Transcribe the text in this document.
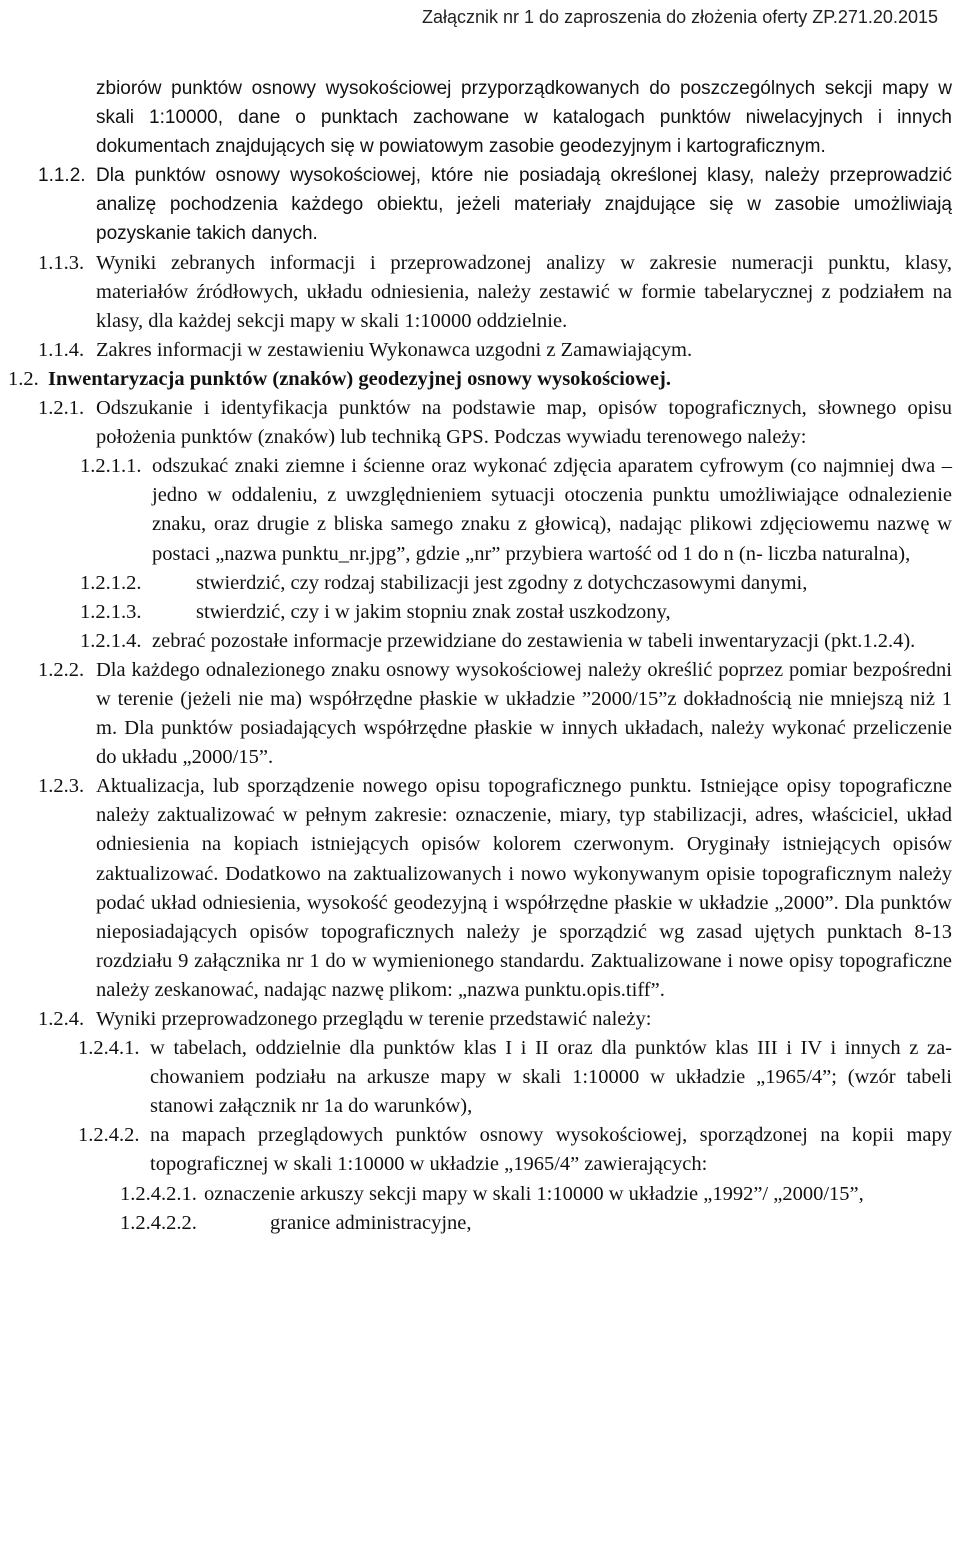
Załącznik nr 1 do zaproszenia do złożenia oferty ZP.271.20.2015
zbiorów punktów osnowy wysokościowej przyporządkowanych do poszczególnych sekcji mapy w skali 1:10000, dane o punktach zachowane w katalogach punktów niwelacyjnych i innych dokumentach znajdujących się w powiatowym zasobie geodezyjnym i kartograficznym.
1.1.2. Dla punktów osnowy wysokościowej, które nie posiadają określonej klasy, należy przeprowadzić analizę pochodzenia każdego obiektu, jeżeli materiały znajdujące się w zasobie umożliwiają pozyskanie takich danych.
1.1.3. Wyniki zebranych informacji i przeprowadzonej analizy w zakresie numeracji punktu, klasy, materiałów źródłowych, układu odniesienia, należy zestawić w formie tabelarycznej z podziałem na klasy, dla każdej sekcji mapy w skali 1:10000 oddzielnie.
1.1.4. Zakres informacji w zestawieniu Wykonawca uzgodni z Zamawiającym.
1.2. Inwentaryzacja punktów (znaków) geodezyjnej osnowy wysokościowej.
1.2.1. Odszukanie i identyfikacja punktów na podstawie map, opisów topograficznych, słownego opisu położenia punktów (znaków) lub techniką GPS. Podczas wywiadu terenowego należy:
1.2.1.1. odszukać znaki ziemne i ścienne oraz wykonać zdjęcia aparatem cyfrowym (co najmniej dwa – jedno w oddaleniu, z uwzględnieniem sytuacji otoczenia punktu umożliwiające odnalezienie znaku, oraz drugie z bliska samego znaku z głowicą), nadając plikowi zdjęciowemu nazwę w postaci „nazwa punktu_nr.jpg”, gdzie „nr” przybiera wartość od 1 do n (n- liczba naturalna),
1.2.1.2.	stwierdzić, czy rodzaj stabilizacji jest zgodny z dotychczasowymi danymi,
1.2.1.3.	stwierdzić, czy i w jakim stopniu znak został uszkodzony,
1.2.1.4. zebrać pozostałe informacje przewidziane do zestawienia w tabeli inwentaryzacji (pkt.1.2.4).
1.2.2. Dla każdego odnalezionego znaku osnowy wysokościowej należy określić poprzez pomiar bezpośredni w terenie (jeżeli nie ma) współrzędne płaskie w układzie ”2000/15”z dokładnością nie mniejszą niż 1 m. Dla punktów posiadających współrzędne płaskie w innych układach, należy wykonać przeliczenie do układu „2000/15”.
1.2.3. Aktualizacja, lub sporządzenie nowego opisu topograficznego punktu. Istniejące opisy topograficzne należy zaktualizować w pełnym zakresie: oznaczenie, miary, typ stabilizacji, adres, właściciel, układ odniesienia na kopiach istniejących opisów kolorem czerwonym. Oryginały istniejących opisów zaktualizować. Dodatkowo na zaktualizowanych i nowo wykonywanym opisie topograficznym należy podać układ odniesienia, wysokość geodezyjną i współrzędne płaskie w układzie „2000”. Dla punktów nieposiadających opisów topograficznych należy je sporządzić wg zasad ujętych punktach 8-13 rozdziału 9 załącznika nr 1 do w wymienionego standardu. Zaktualizowane i nowe opisy topograficzne należy zeskanować, nadając nazwę plikom: „nazwa punktu.opis.tiff”.
1.2.4. Wyniki przeprowadzonego przeglądu w terenie przedstawić należy:
1.2.4.1. w tabelach, oddzielnie dla punktów klas I i II oraz dla punktów klas III i IV i innych z za-chowaniem podziału na arkusze mapy w skali 1:10000 w układzie „1965/4”; (wzór tabeli stanowi załącznik nr 1a do warunków),
1.2.4.2. na mapach przeglądowych punktów osnowy wysokościowej, sporządzonej na kopii mapy topograficznej w skali 1:10000 w układzie „1965/4” zawierających:
1.2.4.2.1. oznaczenie arkuszy sekcji mapy w skali 1:10000 w układzie „1992”/ „2000/15”,
1.2.4.2.2.	granice administracyjne,
